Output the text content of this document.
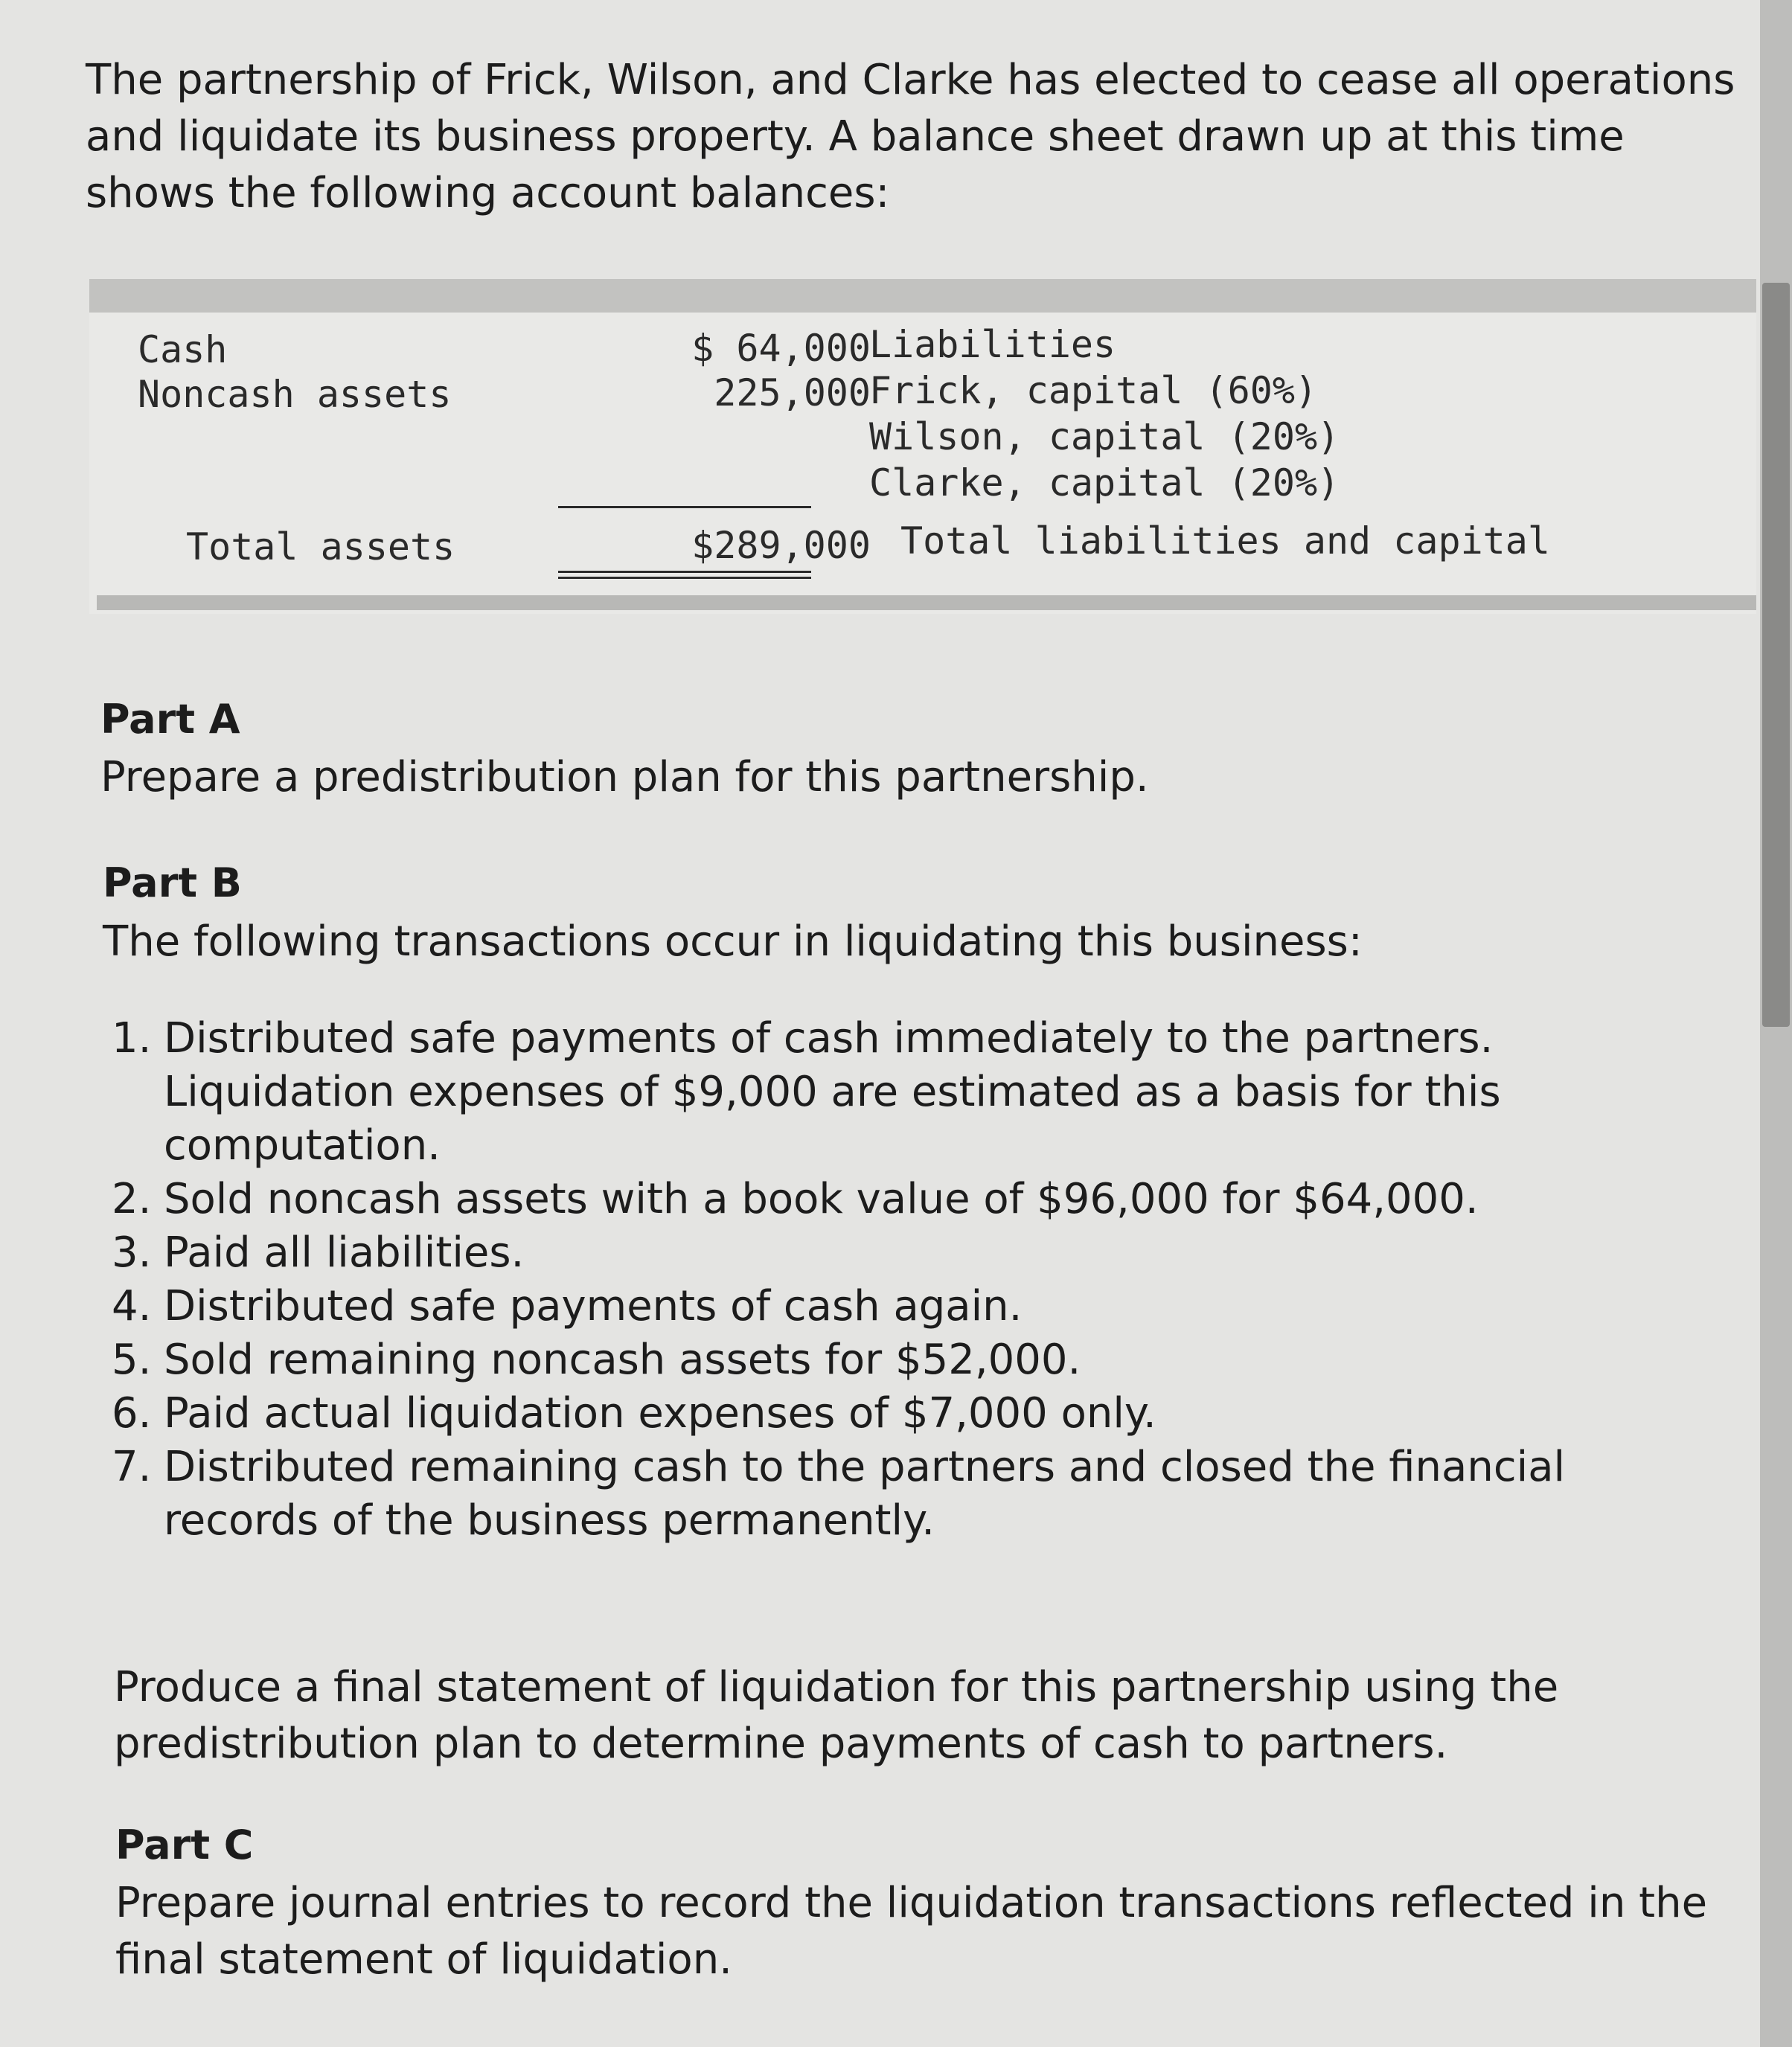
The partnership of Frick, Wilson, and Clarke has elected to cease all operations and liquidate its business property. A balance sheet drawn up at this time shows the following account balances:

Cash
Noncash assets
$ 64,000
225,000
Total assets	$289,000
Liabilities
Frick, capital (60%)
Wilson, capital (20%)
Clarke, capital (20%)
Total liabilities and capital

Part A

Prepare a predistribution plan for this partnership.

Part B

The following transactions occur in liquidating this business:

1. Distributed safe payments of cash immediately to the partners. Liquidation expenses of $9,000 are estimated as a basis for this computation.
2. Sold noncash assets with a book value of $96,000 for $64,000.
3. Paid all liabilities.
4. Distributed safe payments of cash again.
5. Sold remaining noncash assets for $52,000.
6. Paid actual liquidation expenses of $7,000 only.
7. Distributed remaining cash to the partners and closed the financial records of the business permanently.

Produce a final statement of liquidation for this partnership using the predistribution plan to determine payments of cash to partners.

Part C

Prepare journal entries to record the liquidation transactions reflected in the final statement of liquidation.
